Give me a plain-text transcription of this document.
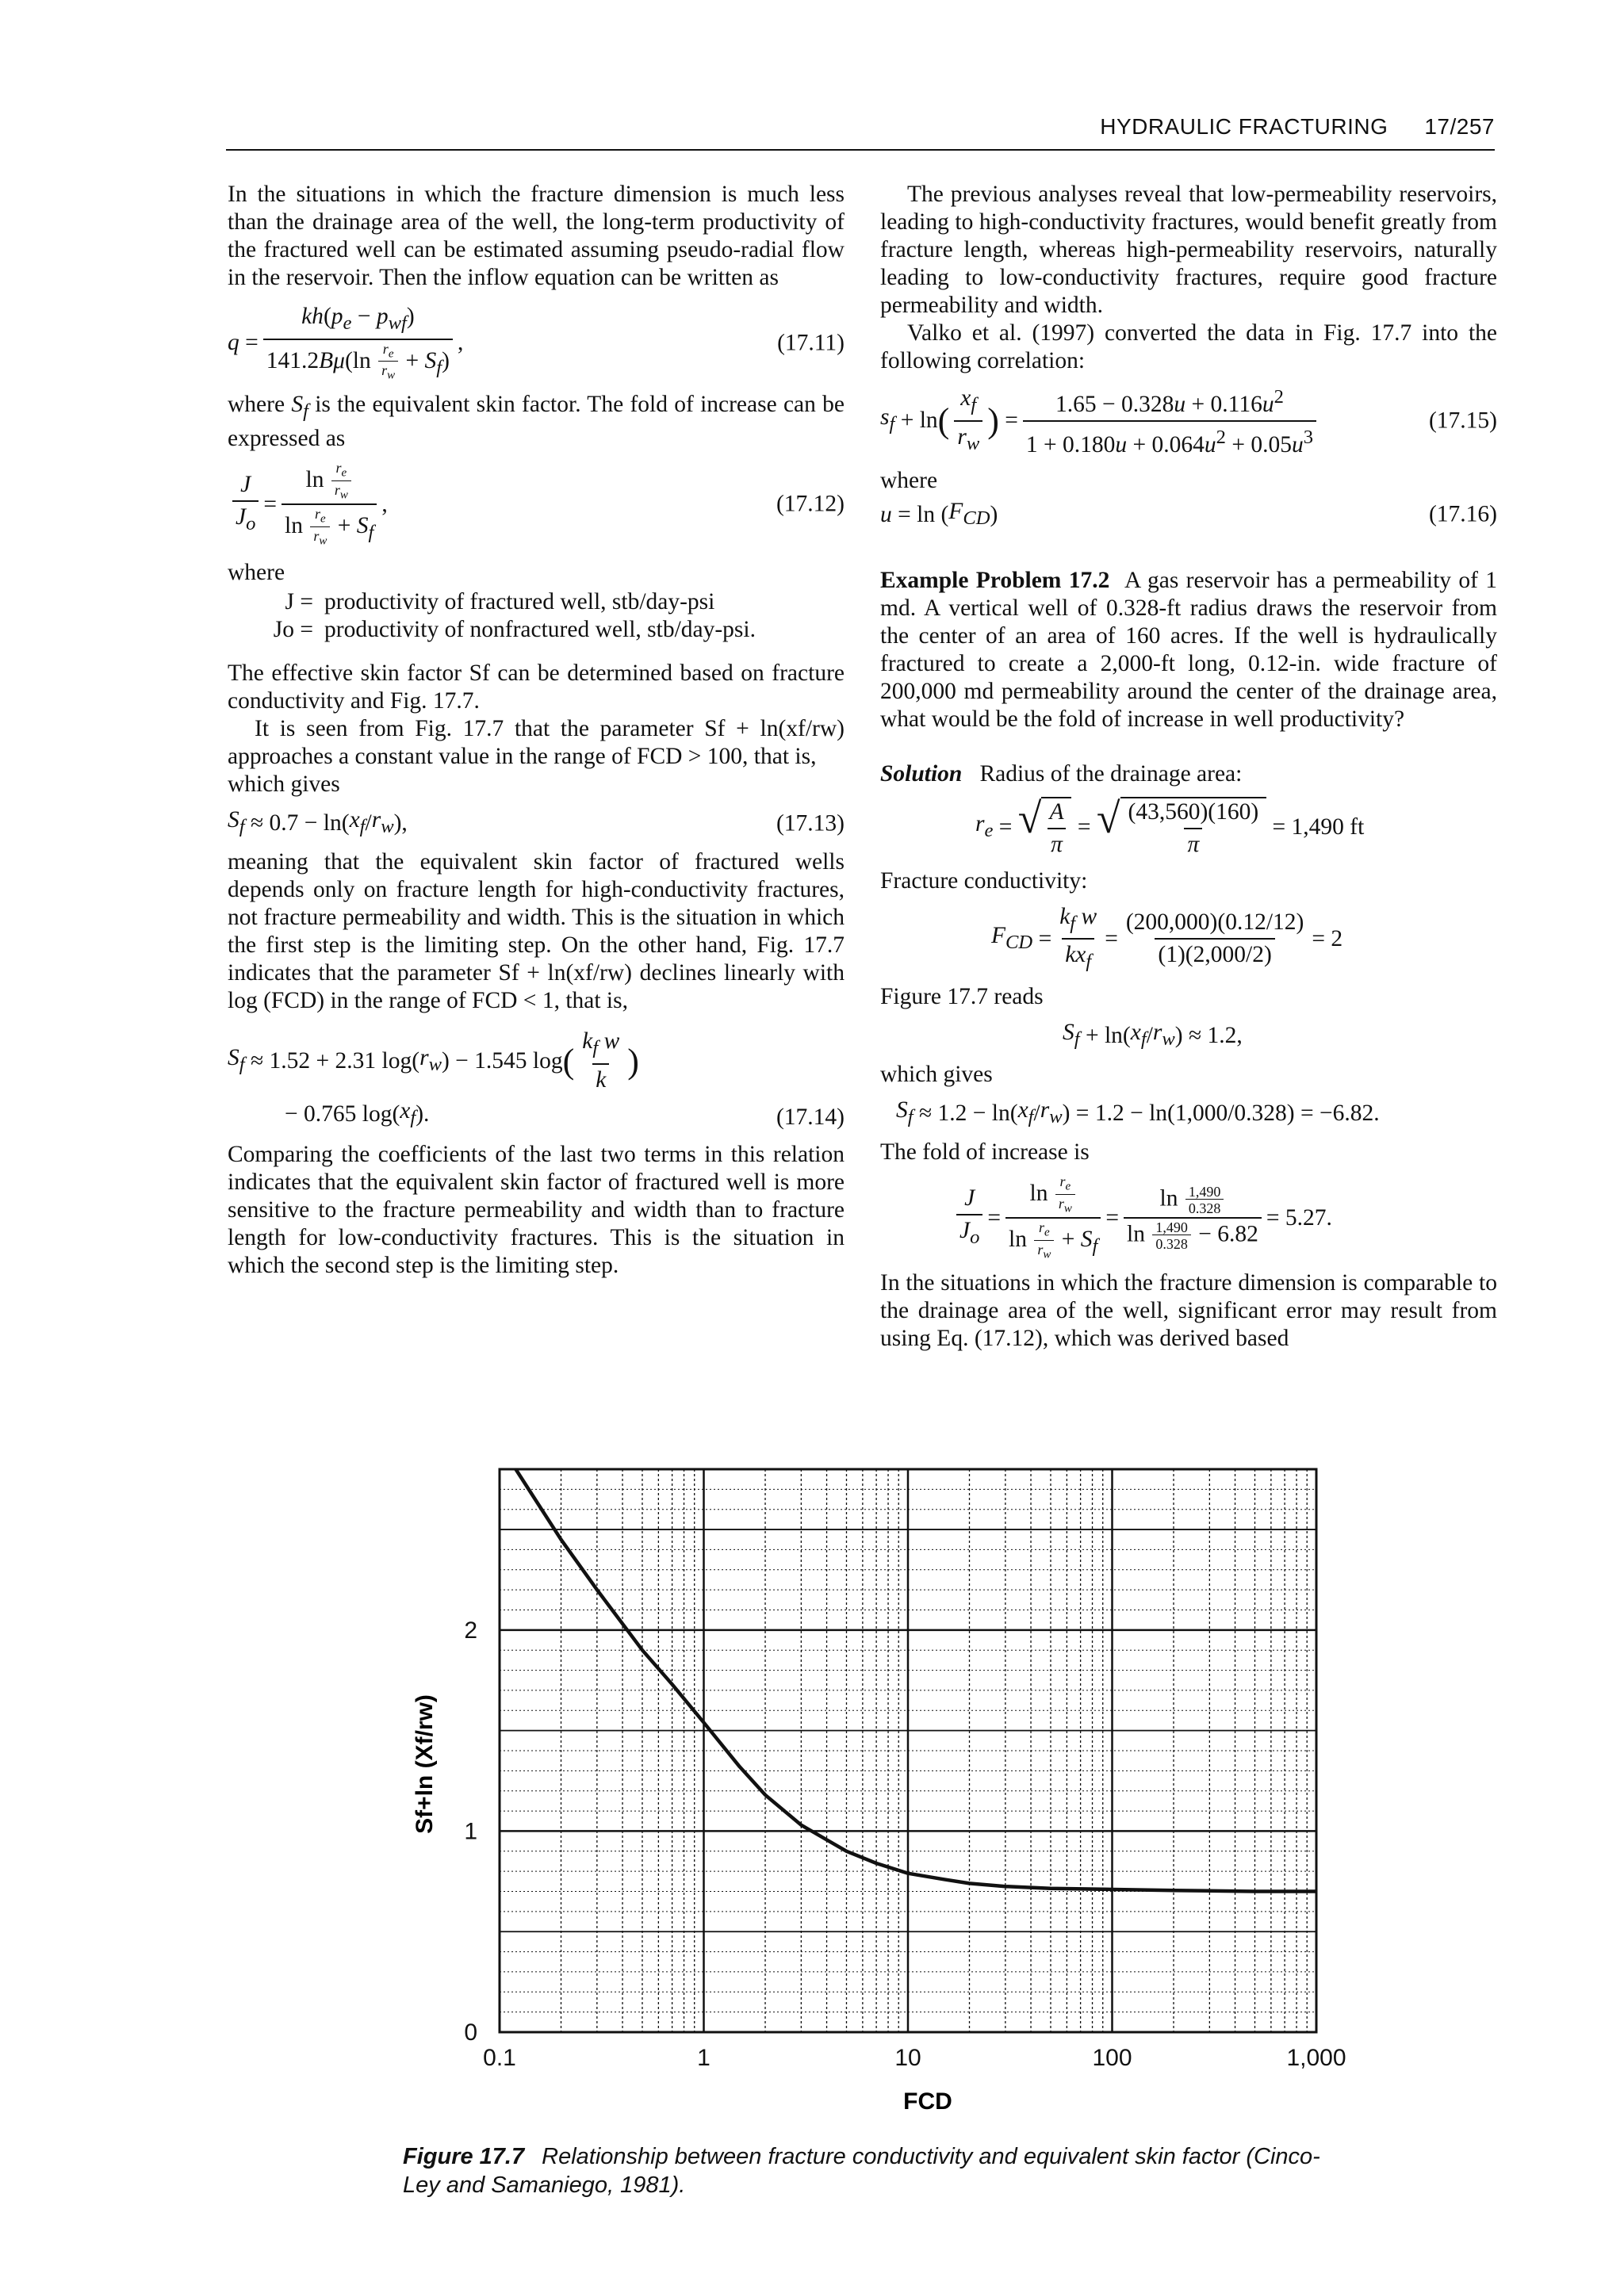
HYDRAULIC FRACTURING 17/257

In the situations in which the fracture dimension is much less than the drainage area of the well, the long-term productivity of the fractured well can be estimated assuming pseudo-radial flow in the reservoir. Then the inflow equation can be written as

$q = \frac{kh(p_e - p_{wf})}{141.2B\mu(\ln \frac{r_e}{r_w} + S_f)}$ ,	(17.11)

where $S_f$ is the equivalent skin factor. The fold of increase can be expressed as

$\frac{J}{J_o} = \frac{\ln \frac{r_e}{r_w}}{\ln \frac{r_e}{r_w} + S_f}$ ,	(17.12)

where

J = productivity of fractured well, stb/day-psi
Jo = productivity of nonfractured well, stb/day-psi.

The effective skin factor Sf can be determined based on fracture conductivity and Fig. 17.7.

It is seen from Fig. 17.7 that the parameter Sf + ln(xf/rw) approaches a constant value in the range of FCD > 100, that is,

which gives

$S_f \approx 0.7 - \ln$( $x_f / r_w$ ),	(17.13)

meaning that the equivalent skin factor of fractured wells depends only on fracture length for high-conductivity fractures, not fracture permeability and width. This is the situation in which the first step is the limiting step. On the other hand, Fig. 17.7 indicates that the parameter Sf + ln(xf/rw) declines linearly with log (FCD) in the range of FCD < 1, that is,

$S_f \approx 1.52 + 2.31$ log( $r_w$ ) − 1.545 log ( $\frac{k_f w}{k}$ )
− 0.765 log( $x_f$ ).	(17.14)

Comparing the coefficients of the last two terms in this relation indicates that the equivalent skin factor of fractured well is more sensitive to the fracture permeability and width than to fracture length for low-conductivity fractures. This is the situation in which the second step is the limiting step.

The previous analyses reveal that low-permeability reservoirs, leading to high-conductivity fractures, would benefit greatly from fracture length, whereas high-permeability reservoirs, naturally leading to low-conductivity fractures, require good fracture permeability and width.

Valko et al. (1997) converted the data in Fig. 17.7 into the following correlation:

$s_f + \ln$ ( $\frac{x_f}{r_w}$ ) = $\frac{1.65 - 0.328u + 0.116u^2}{1 + 0.180u + 0.064u^2 + 0.05u^3}$	(17.15)

where

u = ln ( $F_{CD}$ )	(17.16)

Example Problem 17.2 A gas reservoir has a permeability of 1 md. A vertical well of 0.328-ft radius draws the reservoir from the center of an area of 160 acres. If the well is hydraulically fractured to create a 2,000-ft long, 0.12-in. wide fracture of 200,000 md permeability around the center of the drainage area, what would be the fold of increase in well productivity?

Solution Radius of the drainage area:

$r_e$ = √ $\frac{A}{\pi}$ = √ $\frac{(43,560)(160)}{\pi} = 1,490$ ft

Fracture conductivity:

$F_{CD} = \frac{k_f w}{kx_f} = \frac{(200,000)(0.12/12)}{(1)(2,000/2)} = 2$

Figure 17.7 reads

$S_f + \ln$( $x_f / r_w$ ) ≈ 1.2,

which gives

$S_f \approx 1.2 - \ln$( $x_f / r_w$ ) = 1.2 − ln(1,000/0.328) = −6.82.

The fold of increase is

$\frac{J}{J_o} = \frac{\ln \frac{r_e}{r_w}}{\ln \frac{r_e}{r_w} + S_f} = \frac{\ln \frac{1,490}{0.328}}{\ln \frac{1,490}{0.328} - 6.82} = 5.27$.

In the situations in which the fracture dimension is comparable to the drainage area of the well, significant error may result from using Eq. (17.12), which was derived based

0.1	1	10	100	1,000
0
1
2
Sf+ln (Xf/rw)
FCD
Figure 17.7 Relationship between fracture conductivity and equivalent skin factor (Cinco-Ley and Samaniego, 1981).
